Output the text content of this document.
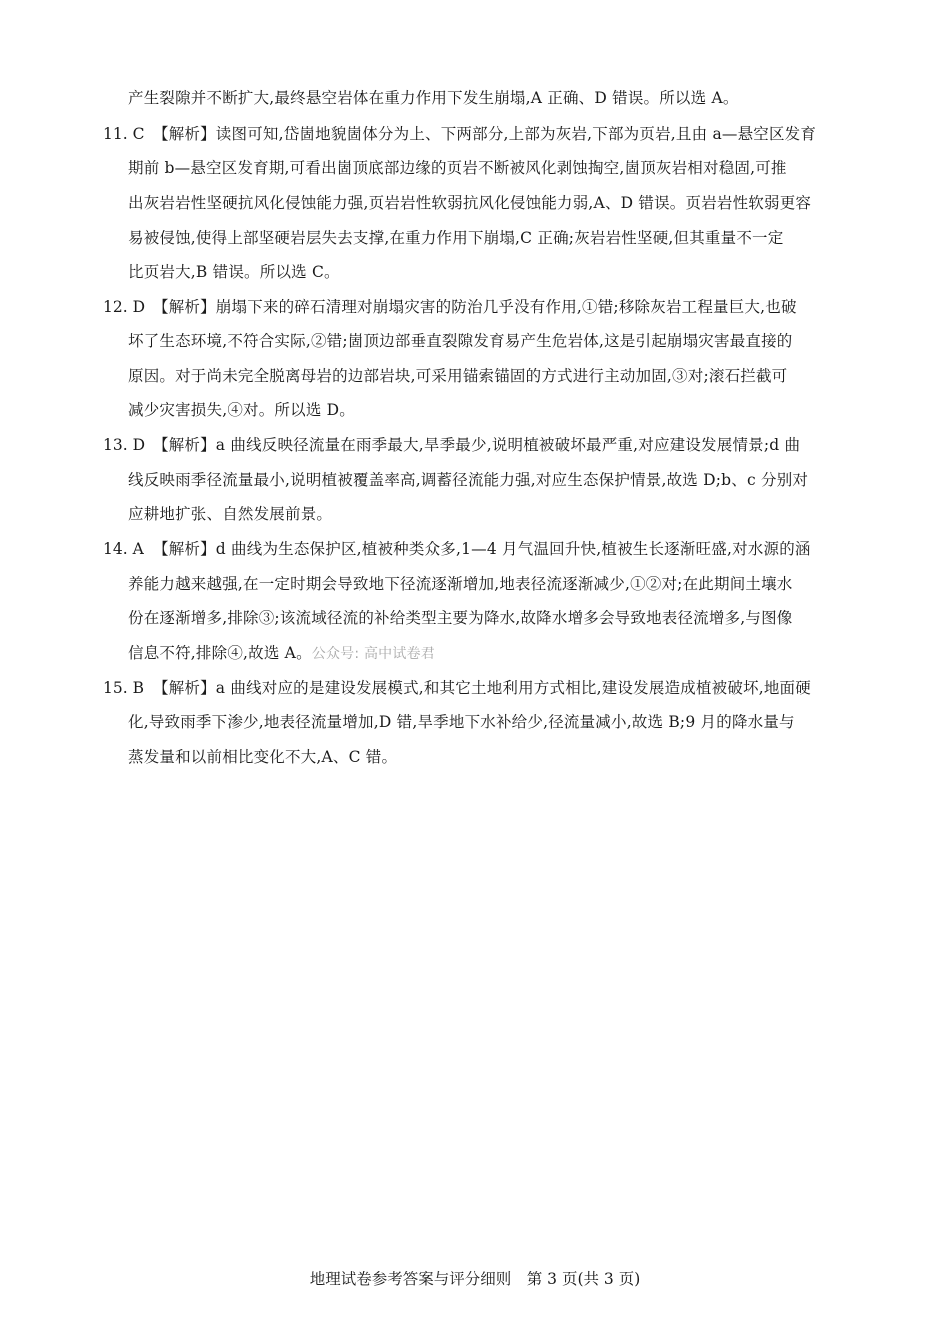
产生裂隙并不断扩大,最终悬空岩体在重力作用下发生崩塌,A 正确、D 错误。所以选 A。
11. C 【解析】读图可知,岱崮地貌崮体分为上、下两部分,上部为灰岩,下部为页岩,且由 a—悬空区发育
期前 b—悬空区发育期,可看出崮顶底部边缘的页岩不断被风化剥蚀掏空,崮顶灰岩相对稳固,可推
出灰岩岩性坚硬抗风化侵蚀能力强,页岩岩性软弱抗风化侵蚀能力弱,A、D 错误。页岩岩性软弱更容
易被侵蚀,使得上部坚硬岩层失去支撑,在重力作用下崩塌,C 正确;灰岩岩性坚硬,但其重量不一定
比页岩大,B 错误。所以选 C。
12. D 【解析】崩塌下来的碎石清理对崩塌灾害的防治几乎没有作用,①错;移除灰岩工程量巨大,也破
坏了生态环境,不符合实际,②错;崮顶边部垂直裂隙发育易产生危岩体,这是引起崩塌灾害最直接的
原因。对于尚未完全脱离母岩的边部岩块,可采用锚索锚固的方式进行主动加固,③对;滚石拦截可
减少灾害损失,④对。所以选 D。
13. D 【解析】a 曲线反映径流量在雨季最大,旱季最少,说明植被破坏最严重,对应建设发展情景;d 曲
线反映雨季径流量最小,说明植被覆盖率高,调蓄径流能力强,对应生态保护情景,故选 D;b、c 分别对
应耕地扩张、自然发展前景。
14. A 【解析】d 曲线为生态保护区,植被种类众多,1—4 月气温回升快,植被生长逐渐旺盛,对水源的涵
养能力越来越强,在一定时期会导致地下径流逐渐增加,地表径流逐渐减少,①②对;在此期间土壤水
份在逐渐增多,排除③;该流域径流的补给类型主要为降水,故降水增多会导致地表径流增多,与图像
信息不符,排除④,故选 A。公众号: 高中试卷君
15. B 【解析】a 曲线对应的是建设发展模式,和其它土地利用方式相比,建设发展造成植被破坏,地面硬
化,导致雨季下渗少,地表径流量增加,D 错,旱季地下水补给少,径流量减小,故选 B;9 月的降水量与
蒸发量和以前相比变化不大,A、C 错。
地理试卷参考答案与评分细则　第 3 页(共 3 页)
